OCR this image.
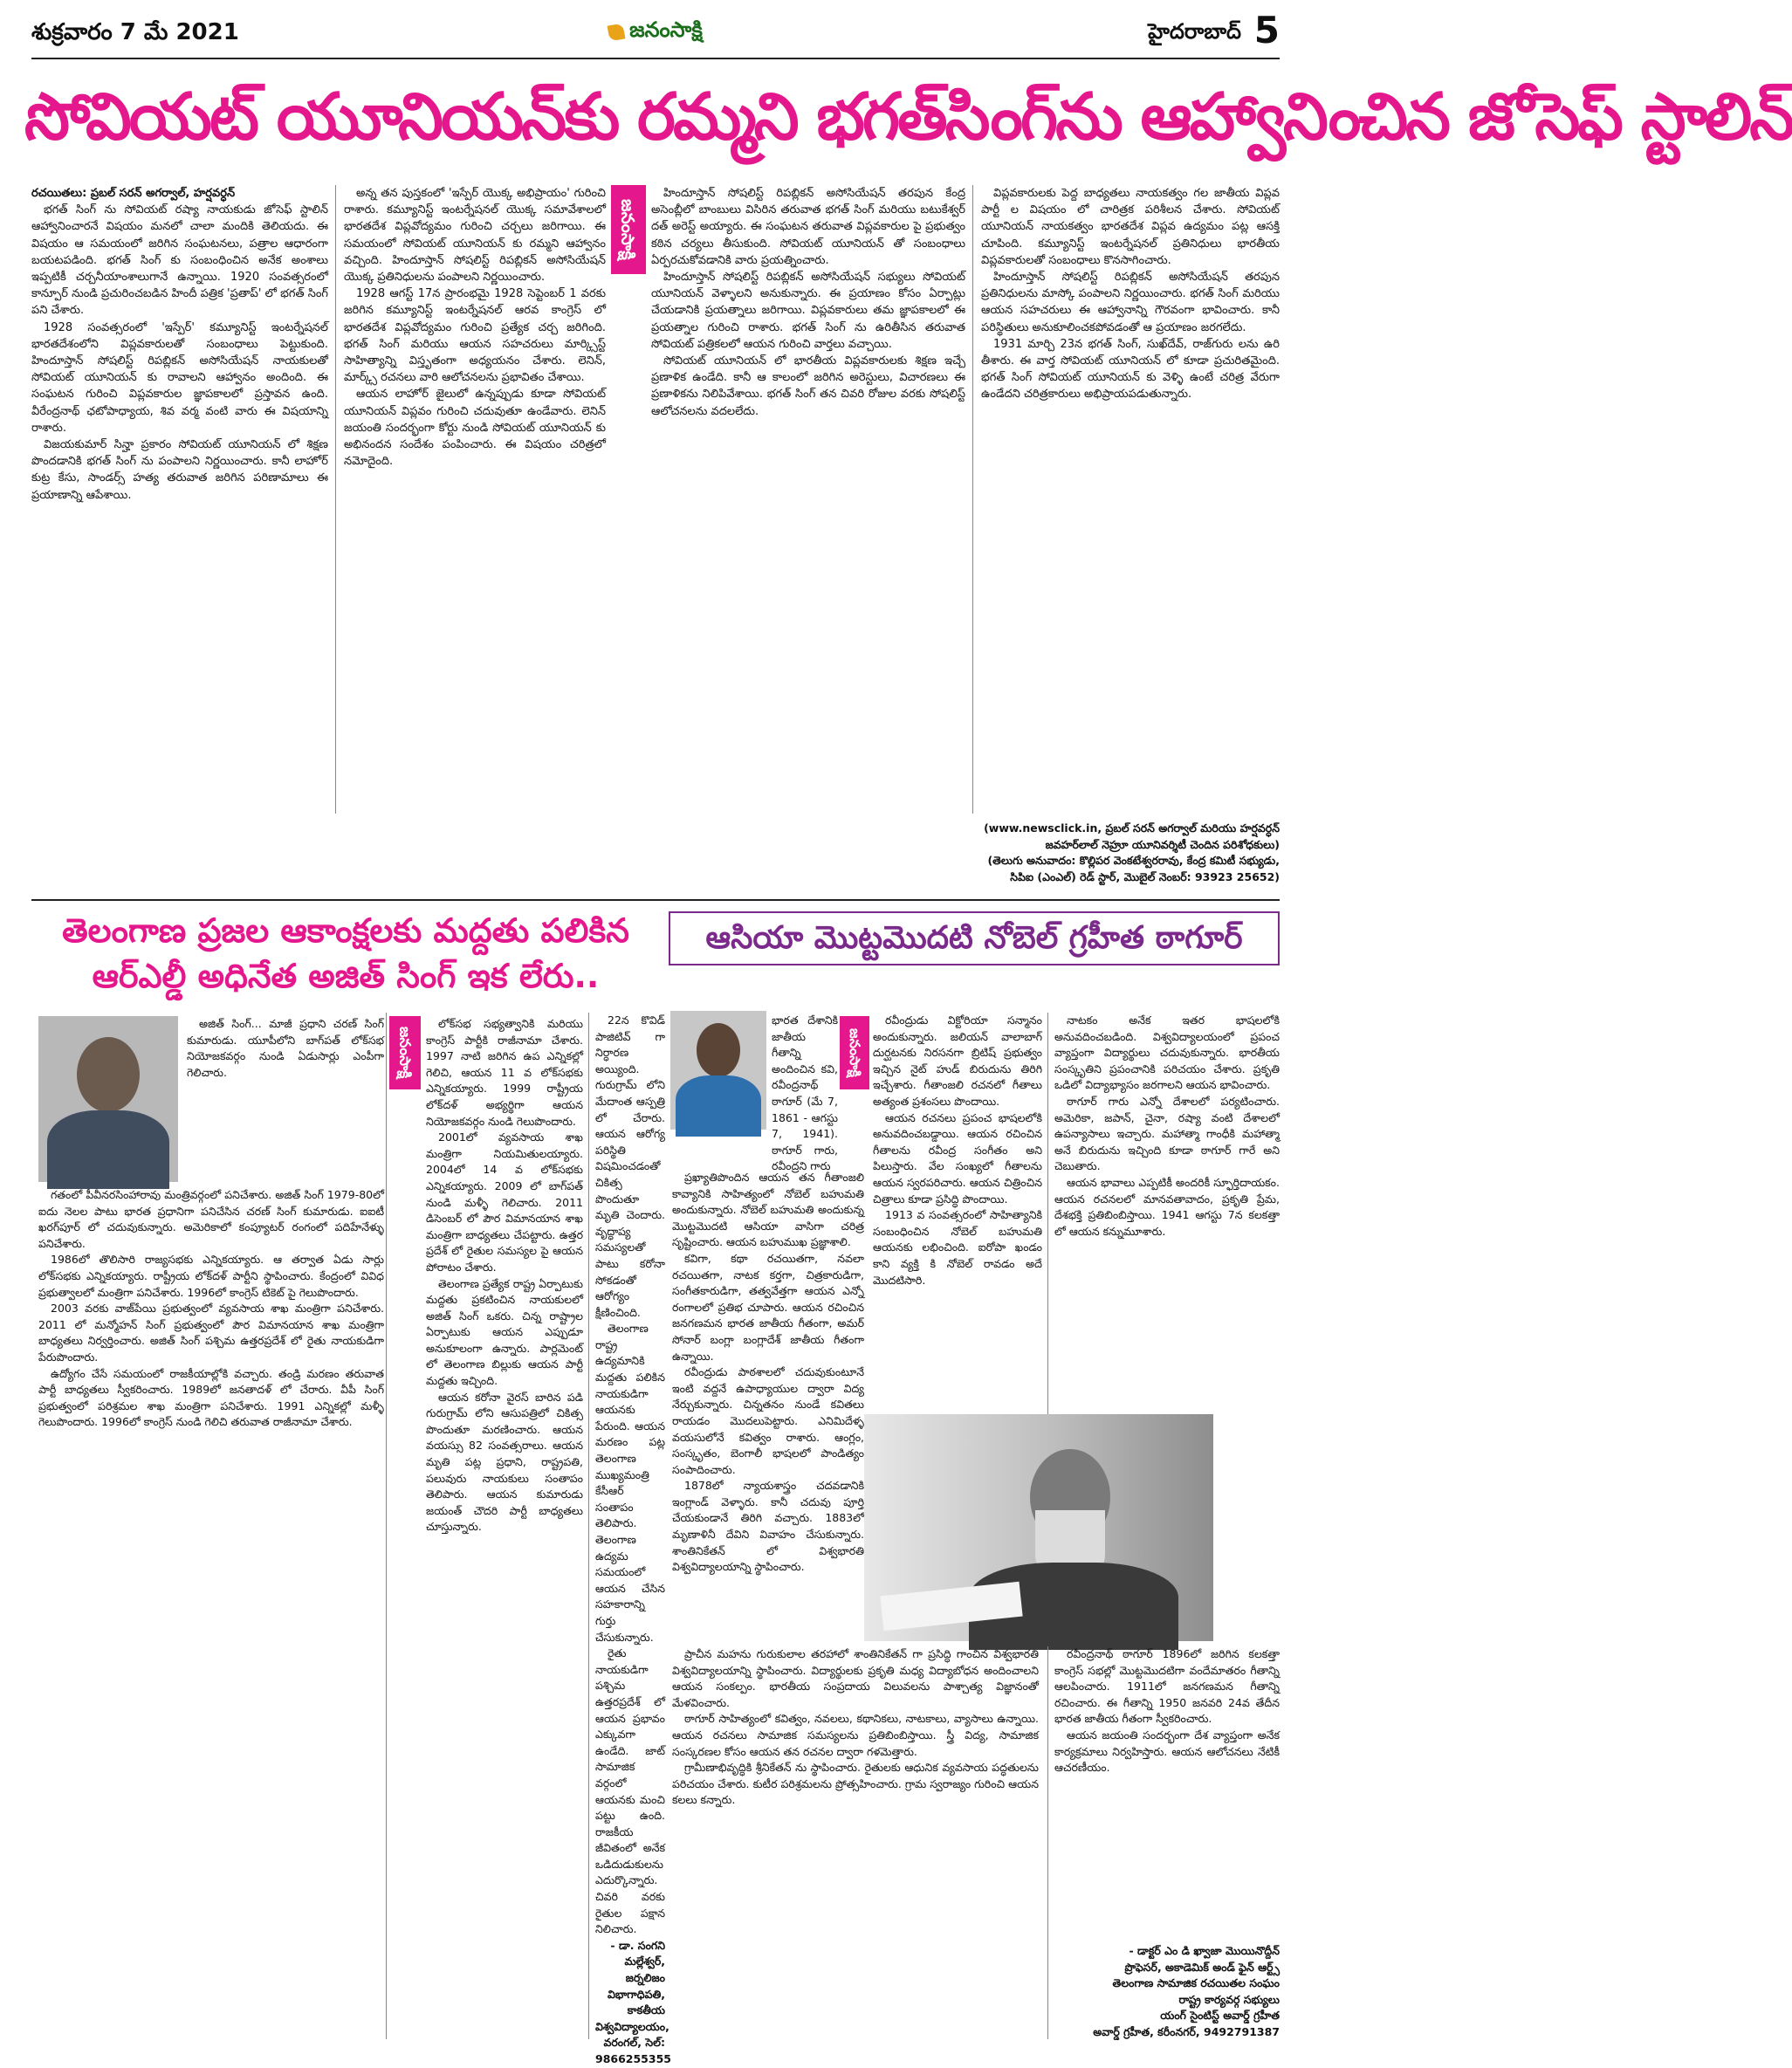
శుక్రవారం 7 మే 2021	జనంసాక్షి	హైదరాబాద్ 5
సోవియట్ యూనియన్‌కు రమ్మని భగత్‌సింగ్‌ను ఆహ్వానించిన జోసెఫ్ స్టాలిన్

రచయితలు: ప్రబల్ సరన్ అగర్వాల్, హర్షవర్ధన్

భగత్ సింగ్ ను సోవియట్ రష్యా నాయకుడు జోసెఫ్ స్టాలిన్ ఆహ్వానించారనే విషయం మనలో చాలా మందికి తెలియదు. ఈ విషయం ఆ సమయంలో జరిగిన సంఘటనలు, పత్రాల ఆధారంగా బయటపడింది. భగత్ సింగ్ కు సంబంధించిన అనేక అంశాలు ఇప్పటికీ చర్చనీయాంశాలుగానే ఉన్నాయి. 1920 సంవత్సరంలో కాన్పూర్ నుండి ప్రచురించబడిన హిందీ పత్రిక 'ప్రతాప్' లో భగత్ సింగ్ పని చేశారు.

1928 సంవత్సరంలో 'ఇస్పేర్' కమ్యూనిస్ట్ ఇంటర్నేషనల్ భారతదేశంలోని విప్లవకారులతో సంబంధాలు పెట్టుకుంది. హిందూస్తాన్ సోషలిస్ట్ రిపబ్లికన్ అసోసియేషన్ నాయకులతో సోవియట్ యూనియన్ కు రావాలని ఆహ్వానం అందింది. ఈ సంఘటన గురించి విప్లవకారుల జ్ఞాపకాలలో ప్రస్తావన ఉంది. వీరేంద్రనాథ్ ఛటోపాధ్యాయ, శివ వర్మ వంటి వారు ఈ విషయాన్ని రాశారు.

విజయకుమార్ సిన్హా ప్రకారం సోవియట్ యూనియన్ లో శిక్షణ పొందడానికి భగత్ సింగ్ ను పంపాలని నిర్ణయించారు. కానీ లాహోర్ కుట్ర కేసు, సాండర్స్ హత్య తరువాత జరిగిన పరిణామాలు ఈ ప్రయాణాన్ని ఆపేశాయి.

అన్న తన పుస్తకంలో 'ఇస్పేర్ యొక్క అభిప్రాయం' గురించి రాశారు. కమ్యూనిస్ట్ ఇంటర్నేషనల్ యొక్క సమావేశాలలో భారతదేశ విప్లవోద్యమం గురించి చర్చలు జరిగాయి. ఈ సమయంలో సోవియట్ యూనియన్ కు రమ్మని ఆహ్వానం వచ్చింది. హిందూస్తాన్ సోషలిస్ట్ రిపబ్లికన్ అసోసియేషన్ యొక్క ప్రతినిధులను పంపాలని నిర్ణయించారు.

1928 ఆగస్ట్ 17న ప్రారంభమై 1928 సెప్టెంబర్ 1 వరకు జరిగిన కమ్యూనిస్ట్ ఇంటర్నేషనల్ ఆరవ కాంగ్రెస్ లో భారతదేశ విప్లవోద్యమం గురించి ప్రత్యేక చర్చ జరిగింది. భగత్ సింగ్ మరియు ఆయన సహచరులు మార్క్సిస్ట్ సాహిత్యాన్ని విస్తృతంగా అధ్యయనం చేశారు. లెనిన్, మార్క్స్ రచనలు వారి ఆలోచనలను ప్రభావితం చేశాయి.

ఆయన లాహోర్ జైలులో ఉన్నప్పుడు కూడా సోవియట్ యూనియన్ విప్లవం గురించి చదువుతూ ఉండేవారు. లెనిన్ జయంతి సందర్భంగా కోర్టు నుండి సోవియట్ యూనియన్ కు అభినందన సందేశం పంపించారు. ఈ విషయం చరిత్రలో నమోదైంది.

జనంసాక్షి

హిందూస్తాన్ సోషలిస్ట్ రిపబ్లికన్ అసోసియేషన్ తరపున కేంద్ర అసెంబ్లీలో బాంబులు విసిరిన తరువాత భగత్ సింగ్ మరియు బటుకేశ్వర్ దత్ అరెస్ట్ అయ్యారు. ఈ సంఘటన తరువాత విప్లవకారుల పై ప్రభుత్వం కఠిన చర్యలు తీసుకుంది. సోవియట్ యూనియన్ తో సంబంధాలు ఏర్పరచుకోవడానికి వారు ప్రయత్నించారు.

హిందూస్తాన్ సోషలిస్ట్ రిపబ్లికన్ అసోసియేషన్ సభ్యులు సోవియట్ యూనియన్ వెళ్ళాలని అనుకున్నారు. ఈ ప్రయాణం కోసం ఏర్పాట్లు చేయడానికి ప్రయత్నాలు జరిగాయి. విప్లవకారులు తమ జ్ఞాపకాలలో ఈ ప్రయత్నాల గురించి రాశారు. భగత్ సింగ్ ను ఉరితీసిన తరువాత సోవియట్ పత్రికలలో ఆయన గురించి వార్తలు వచ్చాయి.

సోవియట్ యూనియన్ లో భారతీయ విప్లవకారులకు శిక్షణ ఇచ్చే ప్రణాళిక ఉండేది. కానీ ఆ కాలంలో జరిగిన అరెస్టులు, విచారణలు ఈ ప్రణాళికను నిలిపివేశాయి. భగత్ సింగ్ తన చివరి రోజుల వరకు సోషలిస్ట్ ఆలోచనలను వదలలేదు.

విప్లవకారులకు పెద్ద బాధ్యతలు నాయకత్వం గల జాతీయ విప్లవ పార్టీ ల విషయం లో చారిత్రక పరిశీలన చేశారు. సోవియట్ యూనియన్ నాయకత్వం భారతదేశ విప్లవ ఉద్యమం పట్ల ఆసక్తి చూపింది. కమ్యూనిస్ట్ ఇంటర్నేషనల్ ప్రతినిధులు భారతీయ విప్లవకారులతో సంబంధాలు కొనసాగించారు.

హిందూస్తాన్ సోషలిస్ట్ రిపబ్లికన్ అసోసియేషన్ తరపున ప్రతినిధులను మాస్కో పంపాలని నిర్ణయించారు. భగత్ సింగ్ మరియు ఆయన సహచరులు ఈ ఆహ్వానాన్ని గౌరవంగా భావించారు. కానీ పరిస్థితులు అనుకూలించకపోవడంతో ఆ ప్రయాణం జరగలేదు.

1931 మార్చి 23న భగత్ సింగ్, సుఖ్‌దేవ్, రాజ్‌గురు లను ఉరి తీశారు. ఈ వార్త సోవియట్ యూనియన్ లో కూడా ప్రచురితమైంది. భగత్ సింగ్ సోవియట్ యూనియన్ కు వెళ్ళి ఉంటే చరిత్ర వేరుగా ఉండేదని చరిత్రకారులు అభిప్రాయపడుతున్నారు.

(www.newsclick.in, ప్రబల్ సరన్ అగర్వాల్ మరియు హర్షవర్ధన్ జవహర్‌లాల్ నెహ్రూ యూనివర్శిటీ చెందిన పరిశోధకులు)
(తెలుగు అనువాదం: కొల్లిపర వెంకటేశ్వరరావు, కేంద్ర కమిటీ సభ్యుడు, సిపిఐ (ఎంఎల్) రెడ్ స్టార్, మొబైల్ నెంబర్: 93923 25652)
తెలంగాణ ప్రజల ఆకాంక్షలకు మద్దతు పలికిన
ఆర్ఎల్డీ అధినేత అజిత్ సింగ్ ఇక లేరు..

అజిత్ సింగ్... మాజీ ప్రధాని చరణ్ సింగ్ కుమారుడు. యూపీలోని బాగ్‌పత్ లోక్‌సభ నియోజకవర్గం నుండి ఏడుసార్లు ఎంపీగా గెలిచారు.

గతంలో పీవీనరసింహారావు మంత్రివర్గంలో పనిచేశారు. అజిత్ సింగ్ 1979-80లో ఐదు నెలల పాటు భారత ప్రధానిగా పనిచేసిన చరణ్ సింగ్ కుమారుడు. ఐఐటీ ఖరగ్‌పూర్ లో చదువుకున్నారు. అమెరికాలో కంప్యూటర్ రంగంలో పదిహేనేళ్ళు పనిచేశారు.

1986లో తొలిసారి రాజ్యసభకు ఎన్నికయ్యారు. ఆ తర్వాత ఏడు సార్లు లోక్‌సభకు ఎన్నికయ్యారు. రాష్ట్రీయ లోక్‌దళ్ పార్టీని స్థాపించారు. కేంద్రంలో వివిధ ప్రభుత్వాలలో మంత్రిగా పనిచేశారు. 1996లో కాంగ్రెస్ టికెట్ పై గెలుపొందారు.

2003 వరకు వాజ్‌పేయి ప్రభుత్వంలో వ్యవసాయ శాఖ మంత్రిగా పనిచేశారు. 2011 లో మన్మోహన్ సింగ్ ప్రభుత్వంలో పౌర విమానయాన శాఖ మంత్రిగా బాధ్యతలు నిర్వర్తించారు. అజిత్ సింగ్ పశ్చిమ ఉత్తరప్రదేశ్ లో రైతు నాయకుడిగా పేరుపొందారు.

ఉద్యోగం చేసే సమయంలో రాజకీయాల్లోకి వచ్చారు. తండ్రి మరణం తరువాత పార్టీ బాధ్యతలు స్వీకరించారు. 1989లో జనతాదళ్ లో చేరారు. వీపీ సింగ్ ప్రభుత్వంలో పరిశ్రమల శాఖ మంత్రిగా పనిచేశారు. 1991 ఎన్నికల్లో మళ్ళీ గెలుపొందారు. 1996లో కాంగ్రెస్ నుండి గెలిచి తరువాత రాజీనామా చేశారు.

జనంసాక్షి

లోక్‌సభ సభ్యత్వానికి మరియు కాంగ్రెస్ పార్టీకి రాజీనామా చేశారు. 1997 నాటి జరిగిన ఉప ఎన్నికల్లో గెలిచి, ఆయన 11 వ లోక్‌సభకు ఎన్నికయ్యారు. 1999 రాష్ట్రీయ లోక్‌దళ్ అభ్యర్థిగా ఆయన నియోజకవర్గం నుండి గెలుపొందారు.

2001లో వ్యవసాయ శాఖ మంత్రిగా నియమితులయ్యారు. 2004లో 14 వ లోక్‌సభకు ఎన్నికయ్యారు. 2009 లో బాగ్‌పత్ నుండి మళ్ళీ గెలిచారు. 2011 డిసెంబర్ లో పౌర విమానయాన శాఖ మంత్రిగా బాధ్యతలు చేపట్టారు. ఉత్తర ప్రదేశ్ లో రైతుల సమస్యల పై ఆయన పోరాటం చేశారు.

తెలంగాణ ప్రత్యేక రాష్ట్ర ఏర్పాటుకు మద్దతు ప్రకటించిన నాయకులలో అజిత్ సింగ్ ఒకరు. చిన్న రాష్ట్రాల ఏర్పాటుకు ఆయన ఎప్పుడూ అనుకూలంగా ఉన్నారు. పార్లమెంట్ లో తెలంగాణ బిల్లుకు ఆయన పార్టీ మద్దతు ఇచ్చింది.

ఆయన కరోనా వైరస్ బారిన పడి గురుగ్రామ్ లోని ఆసుపత్రిలో చికిత్స పొందుతూ మరణించారు. ఆయన వయస్సు 82 సంవత్సరాలు. ఆయన మృతి పట్ల ప్రధాని, రాష్ట్రపతి, పలువురు నాయకులు సంతాపం తెలిపారు. ఆయన కుమారుడు జయంత్ చౌదరి పార్టీ బాధ్యతలు చూస్తున్నారు.

ఆసియా మొట్టమొదటి నోబెల్ గ్రహీత ఠాగూర్
భారత దేశానికి జాతీయ గీతాన్ని అందించిన కవి, రవీంద్రనాథ్ ఠాగూర్ (మే 7, 1861 - ఆగస్టు 7, 1941). ఠాగూర్ గారు, రవీంద్రని గారు
జనంసాక్షి

ప్రఖ్యాతిపొందిన ఆయన తన గీతాంజలి కావ్యానికి సాహిత్యంలో నోబెల్ బహుమతి అందుకున్నారు. నోబెల్ బహుమతి అందుకున్న మొట్టమొదటి ఆసియా వాసిగా చరిత్ర సృష్టించారు. ఆయన బహుముఖ ప్రజ్ఞాశాలి.

కవిగా, కథా రచయితగా, నవలా రచయితగా, నాటక కర్తగా, చిత్రకారుడిగా, సంగీతకారుడిగా, తత్వవేత్తగా ఆయన ఎన్నో రంగాలలో ప్రతిభ చూపారు. ఆయన రచించిన జనగణమన భారత జాతీయ గీతంగా, అమర్ సోనార్ బంగ్లా బంగ్లాదేశ్ జాతీయ గీతంగా ఉన్నాయి.

రవీంద్రుడు పాఠశాలలో చదువుకుంటూనే ఇంటి వద్దనే ఉపాధ్యాయుల ద్వారా విద్య నేర్చుకున్నారు. చిన్నతనం నుండే కవితలు రాయడం మొదలుపెట్టారు. ఎనిమిదేళ్ళ వయసులోనే కవిత్వం రాశారు. ఆంగ్లం, సంస్కృతం, బెంగాలీ భాషలలో పాండిత్యం సంపాదించారు.

1878లో న్యాయశాస్త్రం చదవడానికి ఇంగ్లాండ్ వెళ్ళారు. కానీ చదువు పూర్తి చేయకుండానే తిరిగి వచ్చారు. 1883లో మృణాళినీ దేవిని వివాహం చేసుకున్నారు. శాంతినికేతన్ లో విశ్వభారతి విశ్వవిద్యాలయాన్ని స్థాపించారు.

రవీంద్రుడు విక్టోరియా సన్మానం అందుకున్నారు. జలియన్ వాలాబాగ్ దుర్ఘటనకు నిరసనగా బ్రిటిష్ ప్రభుత్వం ఇచ్చిన నైట్ హుడ్ బిరుదును తిరిగి ఇచ్చేశారు. గీతాంజలి రచనలో గీతాలు అత్యంత ప్రశంసలు పొందాయి.

ఆయన రచనలు ప్రపంచ భాషలలోకి అనువదించబడ్డాయి. ఆయన రచించిన గీతాలను రవీంద్ర సంగీతం అని పిలుస్తారు. వేల సంఖ్యలో గీతాలను ఆయన స్వరపరిచారు. ఆయన చిత్రించిన చిత్రాలు కూడా ప్రసిద్ధి పొందాయి.

1913 వ సంవత్సరంలో సాహిత్యానికి సంబంధించిన నోబెల్ బహుమతి ఆయనకు లభించింది. ఐరోపా ఖండం కాని వ్యక్తి కి నోబెల్ రావడం అదే మొదటిసారి.

నాటకం అనేక ఇతర భాషలలోకి అనువదించబడింది. విశ్వవిద్యాలయంలో ప్రపంచ వ్యాప్తంగా విద్యార్థులు చదువుకున్నారు. భారతీయ సంస్కృతిని ప్రపంచానికి పరిచయం చేశారు. ప్రకృతి ఒడిలో విద్యాభ్యాసం జరగాలని ఆయన భావించారు.

ఠాగూర్ గారు ఎన్నో దేశాలలో పర్యటించారు. అమెరికా, జపాన్, చైనా, రష్యా వంటి దేశాలలో ఉపన్యాసాలు ఇచ్చారు. మహాత్మా గాంధీకి మహాత్మా అనే బిరుదును ఇచ్చింది కూడా ఠాగూర్ గారే అని చెబుతారు.

ఆయన భావాలు ఎప్పటికీ అందరికీ స్ఫూర్తిదాయకం. ఆయన రచనలలో మానవతావాదం, ప్రకృతి ప్రేమ, దేశభక్తి ప్రతిబింబిస్తాయి. 1941 ఆగస్టు 7న కలకత్తా లో ఆయన కన్నుమూశారు.

ప్రాచీన మహను గురుకులాల తరహాలో శాంతినికేతన్ గా ప్రసిద్ధి గాంచిన విశ్వభారతి విశ్వవిద్యాలయాన్ని స్థాపించారు. విద్యార్థులకు ప్రకృతి మధ్య విద్యాబోధన అందించాలని ఆయన సంకల్పం. భారతీయ సంప్రదాయ విలువలను పాశ్చాత్య విజ్ఞానంతో మేళవించారు.

ఠాగూర్ సాహిత్యంలో కవిత్వం, నవలలు, కథానికలు, నాటకాలు, వ్యాసాలు ఉన్నాయి. ఆయన రచనలు సామాజిక సమస్యలను ప్రతిబింబిస్తాయి. స్త్రీ విద్య, సామాజిక సంస్కరణల కోసం ఆయన తన రచనల ద్వారా గళమెత్తారు.

గ్రామీణాభివృద్ధికి శ్రీనికేతన్ ను స్థాపించారు. రైతులకు ఆధునిక వ్యవసాయ పద్ధతులను పరిచయం చేశారు. కుటీర పరిశ్రమలను ప్రోత్సహించారు. గ్రామ స్వరాజ్యం గురించి ఆయన కలలు కన్నారు.

రవీంద్రనాథ్ ఠాగూర్ 1896లో జరిగిన కలకత్తా కాంగ్రెస్ సభల్లో మొట్టమొదటిగా వందేమాతరం గీతాన్ని ఆలపించారు. 1911లో జనగణమన గీతాన్ని రచించారు. ఈ గీతాన్ని 1950 జనవరి 24వ తేదీన భారత జాతీయ గీతంగా స్వీకరించారు.

ఆయన జయంతి సందర్భంగా దేశ వ్యాప్తంగా అనేక కార్యక్రమాలు నిర్వహిస్తారు. ఆయన ఆలోచనలు నేటికీ ఆచరణీయం.

- డాక్టర్ ఎం డి ఖ్వాజా మొయినొద్దీన్
ప్రొఫెసర్, అకాడెమిక్ అండ్ ఫైన్ ఆర్ట్స్
తెలంగాణ సామాజిక రచయితల సంఘం
రాష్ట్ర కార్యవర్గ సభ్యులు
యంగ్ సైంటిస్ట్ అవార్డ్ గ్రహీత
అవార్డ్ గ్రహీత, కరీంనగర్, 9492791387

22న కొవిడ్ పాజిటివ్ గా నిర్ధారణ అయ్యింది. గురుగ్రామ్ లోని మేదాంత ఆస్పత్రి లో చేరారు. ఆయన ఆరోగ్య పరిస్థితి విషమించడంతో చికిత్స పొందుతూ మృతి చెందారు. వృద్ధాప్య సమస్యలతో పాటు కరోనా సోకడంతో ఆరోగ్యం క్షీణించింది.

తెలంగాణ రాష్ట్ర ఉద్యమానికి మద్దతు పలికిన నాయకుడిగా ఆయనకు పేరుంది. ఆయన మరణం పట్ల తెలంగాణ ముఖ్యమంత్రి కేసీఆర్ సంతాపం తెలిపారు. తెలంగాణ ఉద్యమ సమయంలో ఆయన చేసిన సహకారాన్ని గుర్తు చేసుకున్నారు.

రైతు నాయకుడిగా పశ్చిమ ఉత్తరప్రదేశ్ లో ఆయన ప్రభావం ఎక్కువగా ఉండేది. జాట్ సామాజిక వర్గంలో ఆయనకు మంచి పట్టు ఉంది. రాజకీయ జీవితంలో అనేక ఒడిదుడుకులను ఎదుర్కొన్నారు. చివరి వరకు రైతుల పక్షాన నిలిచారు.

- డా. సంగని మల్లేశ్వర్, జర్నలిజం విభాగాధిపతి, కాకతీయ విశ్వవిద్యాలయం, వరంగల్, సెల్: 9866255355
